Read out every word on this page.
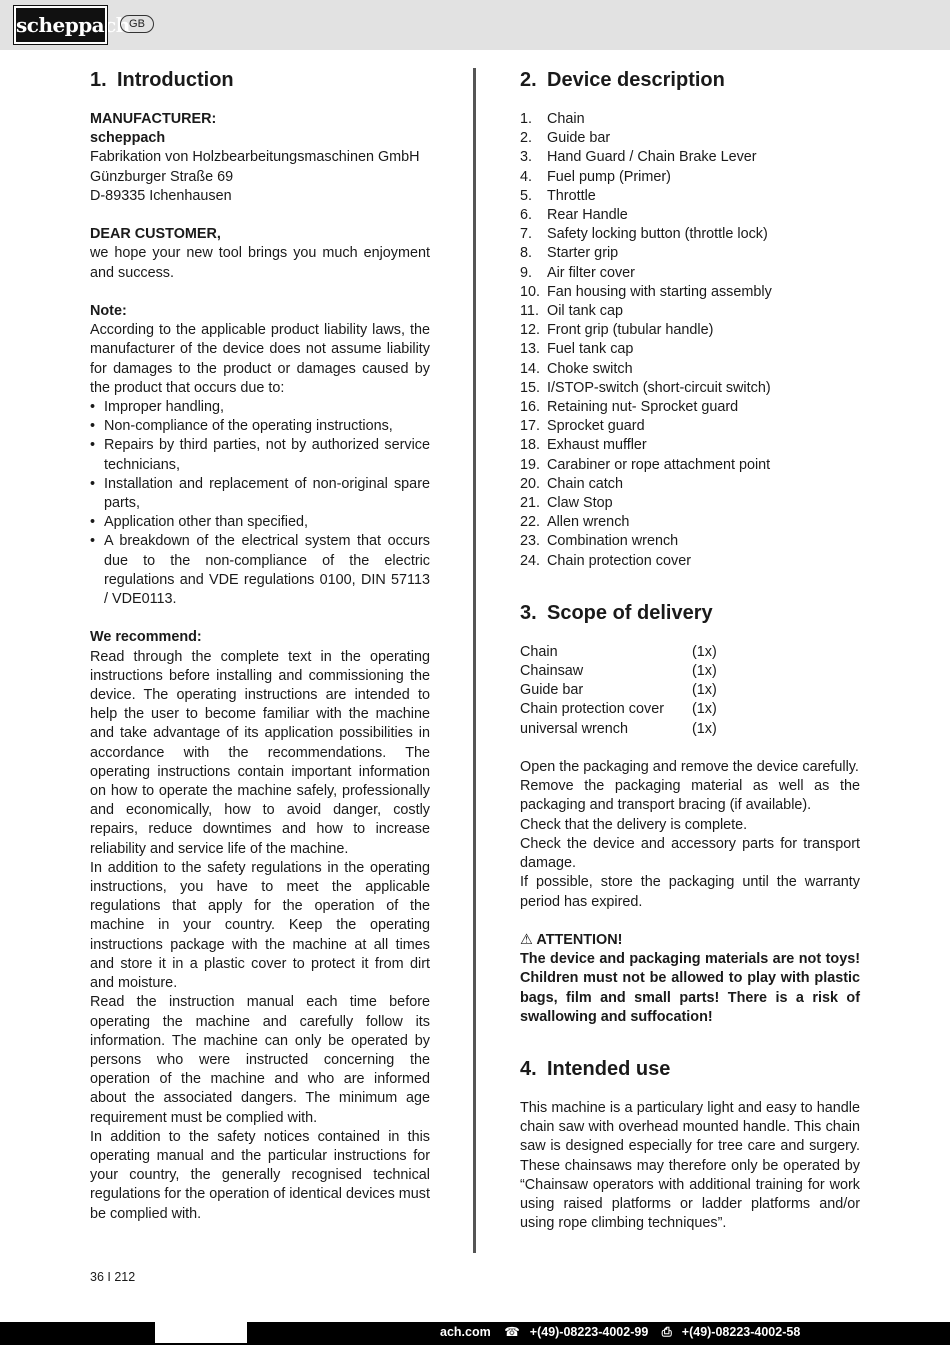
scheppach GB
1. Introduction

MANUFACTURER:

scheppach

Fabrikation von Holzbearbeitungsmaschinen GmbH

Günzburger Straße 69

D-89335 Ichenhausen

DEAR CUSTOMER,

we hope your new tool brings you much enjoyment and success.

Note:

According to the applicable product liability laws, the manufacturer of the device does not assume liability for damages to the product or damages caused by the product that occurs due to:

• Improper handling,
• Non-compliance of the operating instructions,
• Repairs by third parties, not by authorized service technicians,
• Installation and replacement of non-original spare parts,
• Application other than specified,
• A breakdown of the electrical system that occurs due to the non-compliance of the electric regulations and VDE regulations 0100, DIN 57113 / VDE0113.

We recommend:

Read through the complete text in the operating instructions before installing and commissioning the device. The operating instructions are intended to help the user to become familiar with the machine and take advantage of its application possibilities in accordance with the recommendations. The operating instructions contain important information on how to operate the machine safely, professionally and economically, how to avoid danger, costly repairs, reduce downtimes and how to increase reliability and service life of the machine.

In addition to the safety regulations in the operating instructions, you have to meet the applicable regulations that apply for the operation of the machine in your country. Keep the operating instructions package with the machine at all times and store it in a plastic cover to protect it from dirt and moisture.

Read the instruction manual each time before operating the machine and carefully follow its information. The machine can only be operated by persons who were instructed concerning the operation of the machine and who are informed about the associated dangers. The minimum age requirement must be complied with.

In addition to the safety notices contained in this operating manual and the particular instructions for your country, the generally recognised technical regulations for the operation of identical devices must be complied with.

2. Device description
1.	Chain
2.	Guide bar
3.	Hand Guard / Chain Brake Lever
4.	Fuel pump (Primer)
5.	Throttle
6.	Rear Handle
7.	Safety locking button (throttle lock)
8.	Starter grip
9.	Air filter cover
10. Fan housing with starting assembly
11. Oil tank cap
12. Front grip (tubular handle)
13. Fuel tank cap
14. Choke switch
15. I/STOP-switch (short-circuit switch)
16. Retaining nut- Sprocket guard
17. Sprocket guard
18. Exhaust muffler
19. Carabiner or rope attachment point
20. Chain catch
21. Claw Stop
22. Allen wrench
23. Combination wrench
24. Chain protection cover
3. Scope of delivery
Chain	(1x)
Chainsaw	(1x)
Guide bar	(1x)
Chain protection cover	(1x)
universal wrench	(1x)

Open the packaging and remove the device carefully.

Remove the packaging material as well as the packaging and transport bracing (if available).

Check that the delivery is complete.

Check the device and accessory parts for transport damage.

If possible, store the packaging until the warranty period has expired.

⚠ ATTENTION!

The device and packaging materials are not toys! Children must not be allowed to play with plastic bags, film and small parts! There is a risk of swallowing and suffocation!

4. Intended use

This machine is a particulary light and easy to handle chain saw with overhead mounted handle. This chain saw is designed especially for tree care and surgery. These chainsaws may therefore only be operated by “Chainsaw operators with additional training for work using raised platforms or ladder platforms and/or using rope climbing techniques”.

36 I 212
ach.com ☎ +(49)-08223-4002-99 ⎙ +(49)-08223-4002-58
